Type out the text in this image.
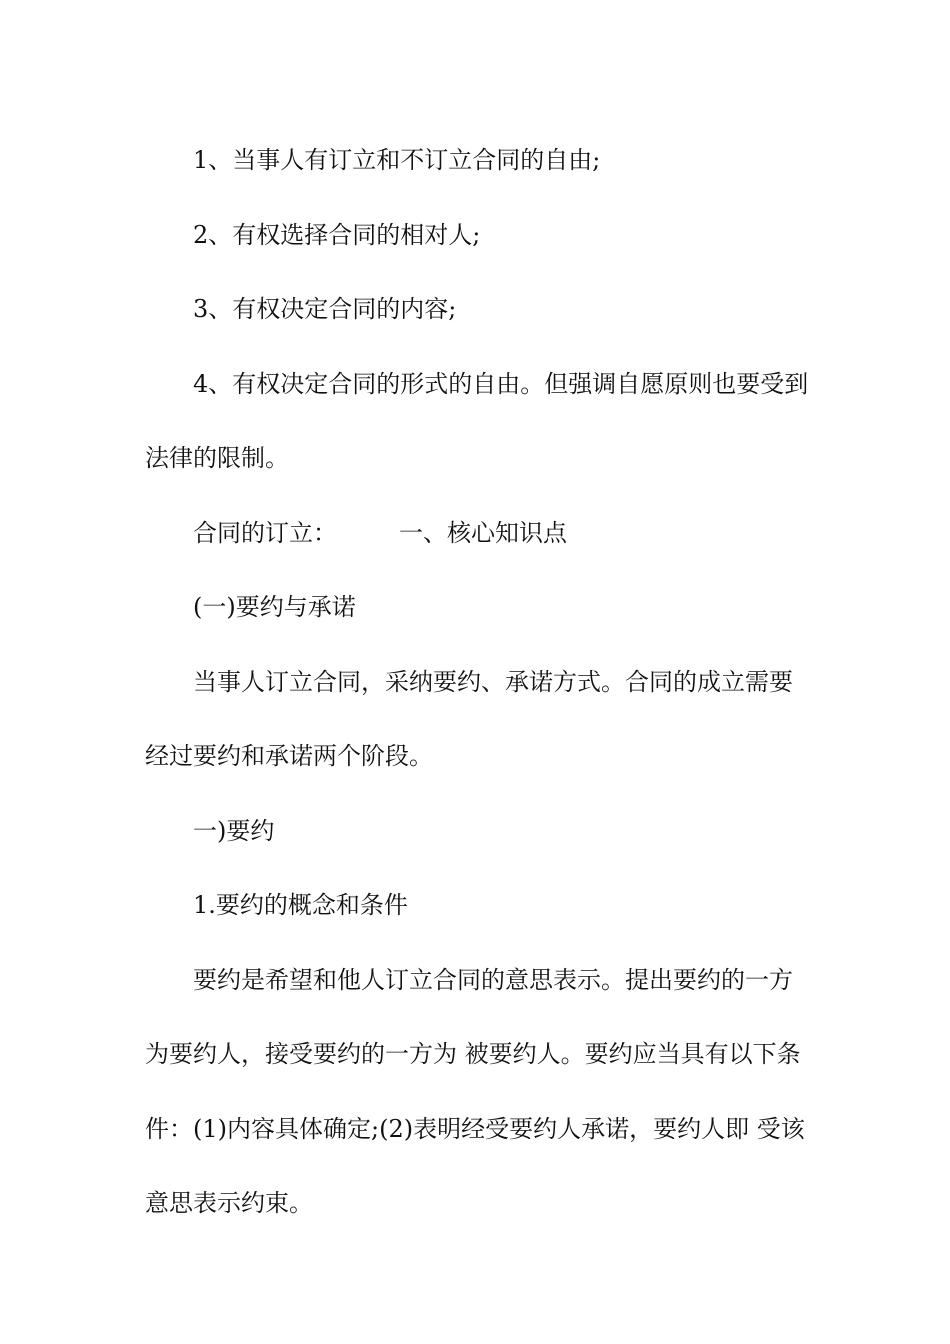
1、当事人有订立和不订立合同的自由;

2、有权选择合同的相对人;

3、有权决定合同的内容;

4、有权决定合同的形式的自由。但强调自愿原则也要受到法律的限制。

合同的订立：	一、核心知识点

(一)要约与承诺

当事人订立合同，采纳要约、承诺方式。合同的成立需要经过要约和承诺两个阶段。

一)要约

1.要约的概念和条件

要约是希望和他人订立合同的意思表示。提出要约的一方为要约人，接受要约的一方为 被要约人。要约应当具有以下条件：(1)内容具体确定;(2)表明经受要约人承诺，要约人即 受该意思表示约束。
